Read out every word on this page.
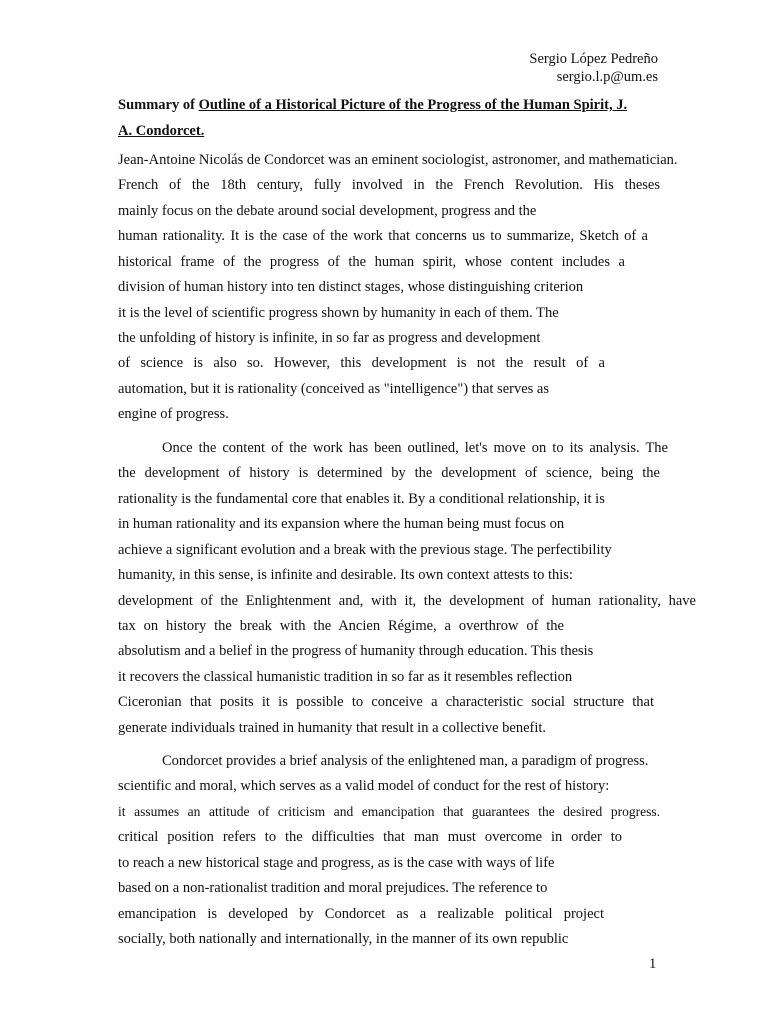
Sergio López Pedreño
sergio.l.p@um.es
Summary of Outline of a Historical Picture of the Progress of the Human Spirit, J.
A. Condorcet.
Jean-Antoine Nicolás de Condorcet was an eminent sociologist, astronomer, and mathematician.
French of the 18th century, fully involved in the French Revolution. His theses
mainly focus on the debate around social development, progress and the
human rationality. It is the case of the work that concerns us to summarize, Sketch of a
historical frame of the progress of the human spirit, whose content includes a
division of human history into ten distinct stages, whose distinguishing criterion
it is the level of scientific progress shown by humanity in each of them. The
the unfolding of history is infinite, in so far as progress and development
of science is also so. However, this development is not the result of a
automation, but it is rationality (conceived as "intelligence") that serves as
engine of progress.
Once the content of the work has been outlined, let's move on to its analysis. The
the development of history is determined by the development of science, being the
rationality is the fundamental core that enables it. By a conditional relationship, it is
in human rationality and its expansion where the human being must focus on
achieve a significant evolution and a break with the previous stage. The perfectibility
humanity, in this sense, is infinite and desirable. Its own context attests to this:
development of the Enlightenment and, with it, the development of human rationality, have
tax on history the break with the Ancien Régime, a overthrow of the
absolutism and a belief in the progress of humanity through education. This thesis
it recovers the classical humanistic tradition in so far as it resembles reflection
Ciceronian that posits it is possible to conceive a characteristic social structure that
generate individuals trained in humanity that result in a collective benefit.
Condorcet provides a brief analysis of the enlightened man, a paradigm of progress.
scientific and moral, which serves as a valid model of conduct for the rest of history:
it assumes an attitude of criticism and emancipation that guarantees the desired progress.
critical position refers to the difficulties that man must overcome in order to
to reach a new historical stage and progress, as is the case with ways of life
based on a non-rationalist tradition and moral prejudices. The reference to
emancipation is developed by Condorcet as a realizable political project
socially, both nationally and internationally, in the manner of its own republic
1
